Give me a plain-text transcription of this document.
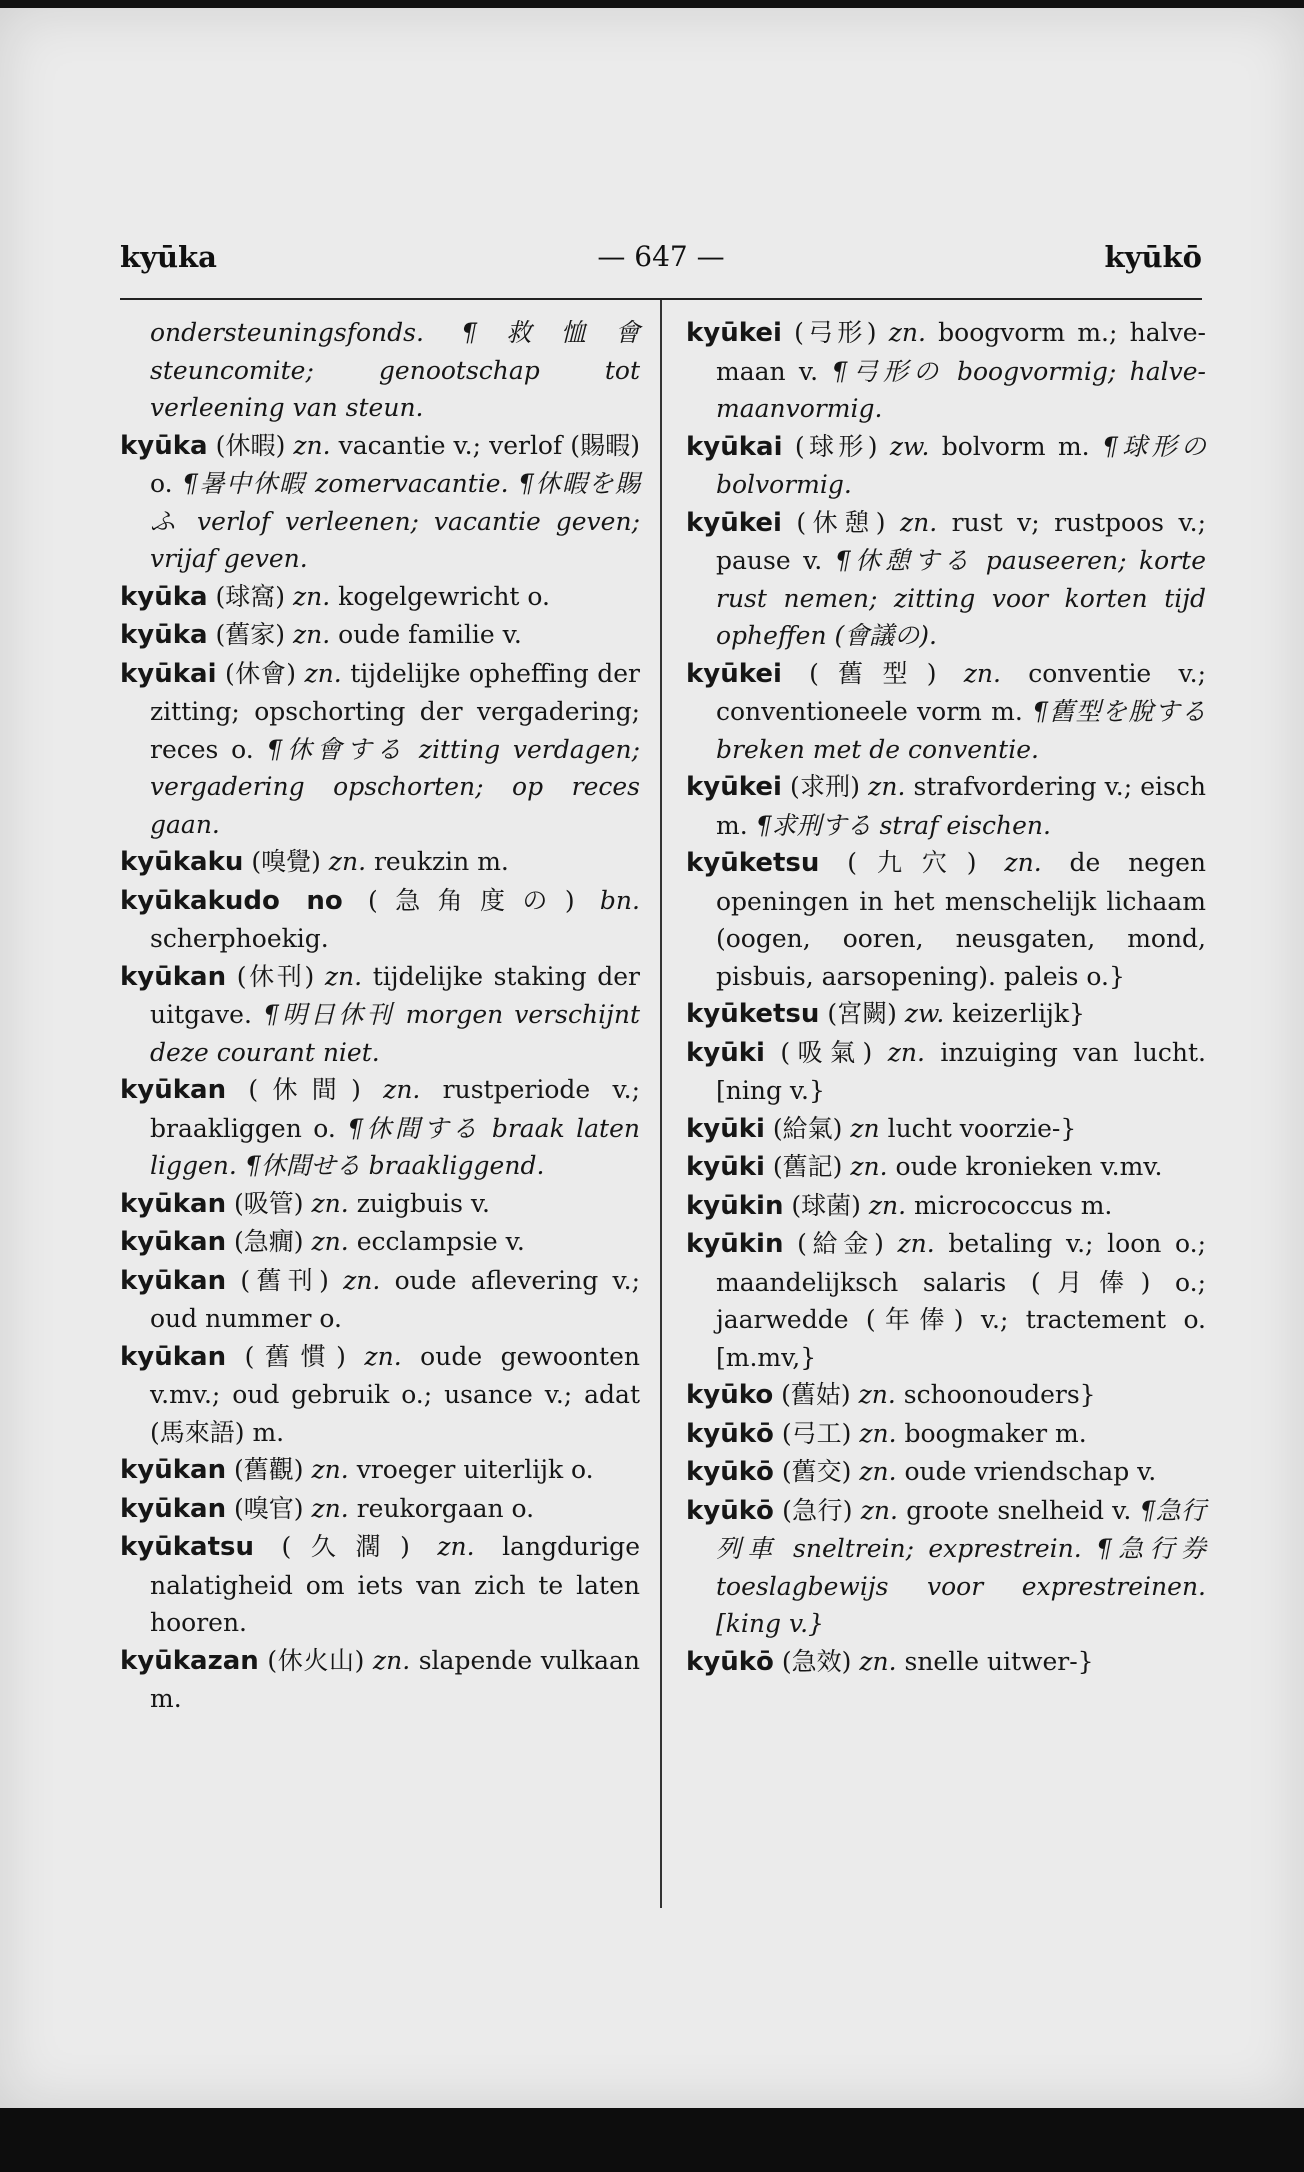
— 647 —
kyūka	kyūkō

ondersteuningsfonds. ¶救恤會 steuncomite; genootschap tot verleening van steun.

kyūka (休暇) zn. vacantie v.; verlof (賜暇) o. ¶暑中休暇 zomervacantie. ¶休暇を賜ふ verlof verleenen; vacantie geven; vrijaf geven.

kyūka (球窩) zn. kogelgewricht o.

kyūka (舊家) zn. oude familie v.

kyūkai (休會) zn. tijdelijke opheffing der zitting; opschorting der vergadering; reces o. ¶休會する zitting verdagen; vergadering opschorten; op reces gaan.

kyūkaku (嗅覺) zn. reukzin m.

kyūkakudo no (急角度の) bn. scherphoekig.

kyūkan (休刊) zn. tijdelijke staking der uitgave. ¶明日休刊 morgen verschijnt deze courant niet.

kyūkan (休間) zn. rustperiode v.; braakliggen o. ¶休間する braak laten liggen. ¶休間せる braakliggend.

kyūkan (吸管) zn. zuigbuis v.

kyūkan (急癇) zn. ecclampsie v.

kyūkan (舊刊) zn. oude aflevering v.; oud nummer o.

kyūkan (舊慣) zn. oude gewoonten v.mv.; oud gebruik o.; usance v.; adat (馬來語) m.

kyūkan (舊觀) zn. vroeger uiterlijk o.

kyūkan (嗅官) zn. reukorgaan o.

kyūkatsu (久濶) zn. langdurige nalatigheid om iets van zich te laten hooren.

kyūkazan (休火山) zn. slapende vulkaan m.

kyūkei (弓形) zn. boogvorm m.; halve-maan v. ¶弓形の boogvormig; halve-maanvormig.

kyūkai (球形) zw. bolvorm m. ¶球形の bolvormig.

kyūkei (休憩) zn. rust v; rustpoos v.; pause v. ¶休憩する pauseeren; korte rust nemen; zitting voor korten tijd opheffen (會議の).

kyūkei (舊型) zn. conventie v.; conventioneele vorm m. ¶舊型を脫する breken met de conventie.

kyūkei (求刑) zn. strafvordering v.; eisch m. ¶求刑する straf eischen.

kyūketsu (九穴) zn. de negen openingen in het menschelijk lichaam (oogen, ooren, neusgaten, mond, pisbuis, aarsopening). paleis o.}

kyūketsu (宮闕) zw. keizerlijk}

kyūki (吸氣) zn. inzuiging van lucht. [ning v.}

kyūki (給氣) zn lucht voorzie-}

kyūki (舊記) zn. oude kronieken v.mv.

kyūkin (球菌) zn. micrococcus m.

kyūkin (給金) zn. betaling v.; loon o.; maandelijksch salaris (月俸) o.; jaarwedde (年俸) v.; tractement o. [m.mv,}

kyūko (舊姑) zn. schoonouders}

kyūkō (弓工) zn. boogmaker m.

kyūkō (舊交) zn. oude vriendschap v.

kyūkō (急行) zn. groote snelheid v. ¶急行列車 sneltrein; exprestrein. ¶急行券 toeslagbewijs voor exprestreinen. [king v.}

kyūkō (急效) zn. snelle uitwer-}
